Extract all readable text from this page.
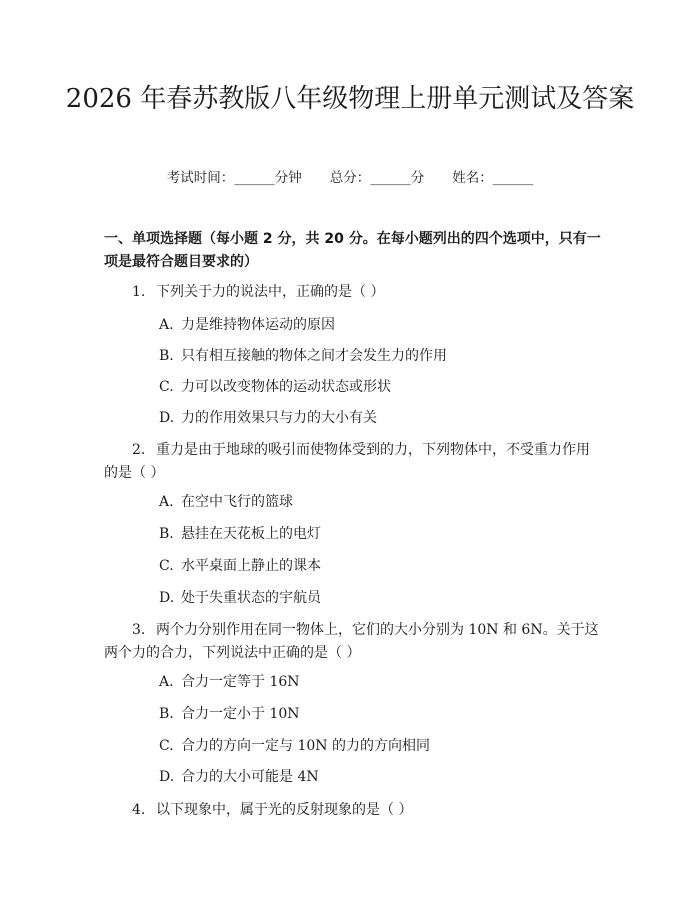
2026 年春苏教版八年级物理上册单元测试及答案
考试时间：______分钟 总分：______分 姓名：______
一、单项选择题（每小题 2 分，共 20 分。在每小题列出的四个选项中，只有一项是最符合题目要求的）
1. 下列关于力的说法中，正确的是（ ）
A. 力是维持物体运动的原因
B. 只有相互接触的物体之间才会发生力的作用
C. 力可以改变物体的运动状态或形状
D. 力的作用效果只与力的大小有关
2. 重力是由于地球的吸引而使物体受到的力，下列物体中，不受重力作用的是（ ）
A. 在空中飞行的篮球
B. 悬挂在天花板上的电灯
C. 水平桌面上静止的课本
D. 处于失重状态的宇航员
3. 两个力分别作用在同一物体上，它们的大小分别为 10N 和 6N。关于这两个力的合力，下列说法中正确的是（ ）
A. 合力一定等于 16N
B. 合力一定小于 10N
C. 合力的方向一定与 10N 的力的方向相同
D. 合力的大小可能是 4N
4. 以下现象中，属于光的反射现象的是（ ）
